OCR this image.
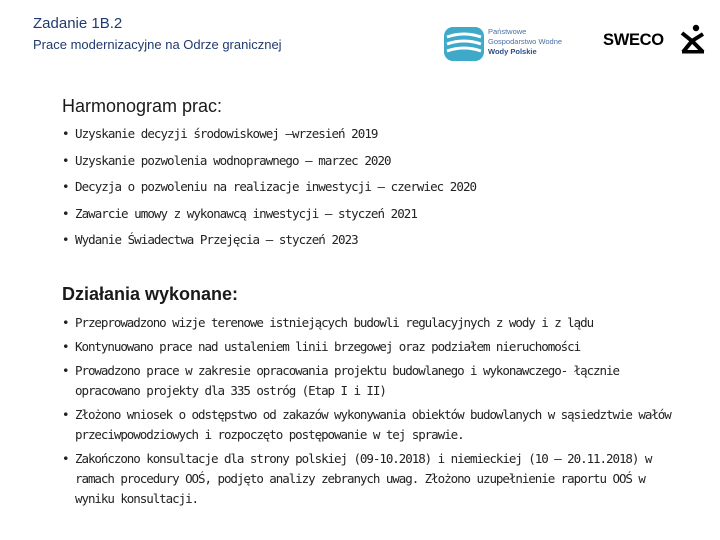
Zadanie 1B.2
Prace modernizacyjne na Odrze granicznej
Państwowe
Gospodarstwo Wodne
Wody Polskie
SWECO
Harmonogram prac:
• Uzyskanie decyzji środowiskowej –wrzesień 2019
• Uzyskanie pozwolenia wodnoprawnego – marzec 2020
• Decyzja o pozwoleniu na realizacje inwestycji – czerwiec 2020
• Zawarcie umowy z wykonawcą inwestycji – styczeń 2021
• Wydanie Świadectwa Przejęcia – styczeń 2023
Działania wykonane:
• Przeprowadzono wizje terenowe istniejących budowli regulacyjnych z wody i z lądu
• Kontynuowano prace nad ustaleniem linii brzegowej oraz podziałem nieruchomości
• Prowadzono prace w zakresie opracowania projektu budowlanego i wykonawczego- łącznie opracowano projekty dla 335 ostróg (Etap I i II)
• Złożono wniosek o odstępstwo od zakazów wykonywania obiektów budowlanych w sąsiedztwie wałów przeciwpowodziowych i rozpoczęto postępowanie w tej sprawie.
• Zakończono konsultacje dla strony polskiej (09-10.2018) i niemieckiej (10 – 20.11.2018) w ramach procedury OOŚ, podjęto analizy zebranych uwag. Złożono uzupełnienie raportu OOŚ w wyniku konsultacji.
